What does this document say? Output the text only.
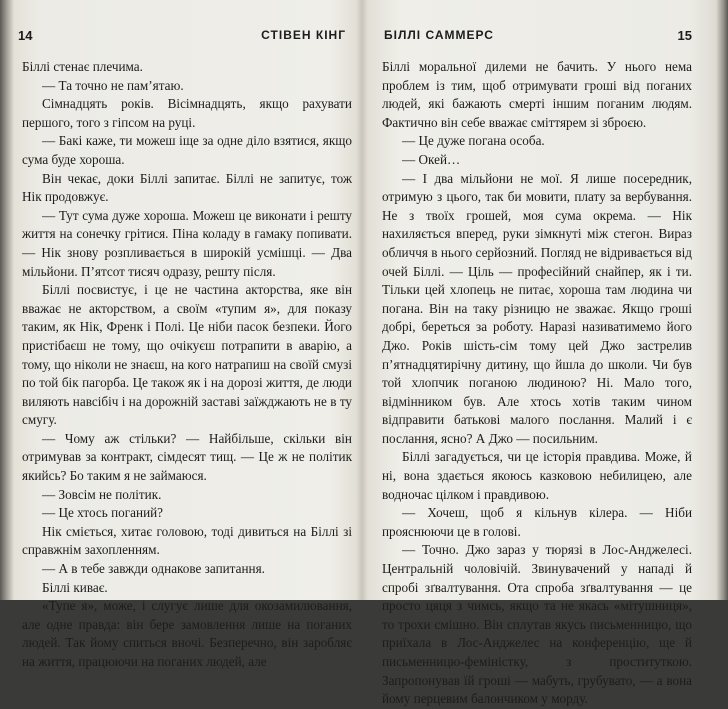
14	СТІВЕН КІНГ

Біллі стенає плечима.

— Та точно не пам’ятаю.

Сімнадцять років. Вісімнадцять, якщо рахувати першого, того з гіпсом на руці.

— Бакі каже, ти можеш іще за одне діло взятися, якщо сума буде хороша.

Він чекає, доки Біллі запитає. Біллі не запитує, тож Нік продовжує.

— Тут сума дуже хороша. Можеш це виконати і решту життя на сонечку грітися. Піна коладу в гамаку попивати. — Нік знову розпливається в широкій усмішці. — Два мільйони. П’ятсот тисяч одразу, решту після.

Біллі посвистує, і це не частина акторства, яке він вважає не акторством, а своїм «тупим я», для показу таким, як Нік, Френк і Полі. Це ніби пасок безпеки. Його пристібаєш не тому, що очікуєш потрапити в аварію, а тому, що ніколи не знаєш, на кого натрапиш на своїй смузі по той бік пагорба. Це також як і на дорозі життя, де люди виляють навсібіч і на дорожній заставі заїжджають не в ту смугу.

— Чому аж стільки? — Найбільше, скільки він отримував за контракт, сімдесят тищ. — Це ж не політик якийсь? Бо таким я не займаюся.

— Зовсім не політик.

— Це хтось поганий?

Нік сміється, хитає головою, тоді дивиться на Біллі зі справжнім захопленням.

— А в тебе завжди однакове запитання.

Біллі киває.

«Тупе я», може, і слугує лише для окозамилювання, але одне правда: він бере замовлення лише на поганих людей. Так йому спиться вночі. Безперечно, він заробляє на життя, працюючи на поганих людей, але

БІЛЛІ САММЕРС	15

Біллі моральної дилеми не бачить. У нього нема проблем із тим, щоб отримувати гроші від поганих людей, які бажають смерті іншим поганим людям. Фактично він себе вважає сміттярем зі зброєю.

— Це дуже погана особа.

— Окей…

— І два мільйони не мої. Я лише посередник, отримую з цього, так би мовити, плату за вербування. Не з твоїх грошей, моя сума окрема. — Нік нахиляється вперед, руки зімкнуті між стегон. Вираз обличчя в нього серйозний. Погляд не відривається від очей Біллі. — Ціль — професійний снайпер, як і ти. Тільки цей хлопець не питає, хороша там людина чи погана. Він на таку різницю не зважає. Якщо гроші добрі, береться за роботу. Наразі називатимемо його Джо. Років шість-сім тому цей Джо застрелив п’ятнадцятирічну дитину, що йшла до школи. Чи був той хлопчик поганою людиною? Ні. Мало того, відмінником був. Але хтось хотів таким чином відправити батькові малого послання. Малий і є послання, ясно? А Джо — посильним.

Біллі загадується, чи це історія правдива. Може, й ні, вона здається якоюсь казковою небилицею, але водночас цілком і правдивою.

— Хочеш, щоб я кільнув кілера. — Ніби прояснюючи це в голові.

— Точно. Джо зараз у тюрязі в Лос-Анджелесі. Центральній чоловічій. Звинувачений у нападі й спробі зґвалтування. Ота спроба зґвалтування — це просто цяця з чимсь, якщо та не якась «мітушниця», то трохи смішно. Він сплутав якусь письменницю, що приїхала в Лос-Анджелес на конференцію, ще й письменницю-феміністку, з проституткою. Запропонував їй гроші — мабуть, грубувато, — а вона йому перцевим балончиком у морду.
